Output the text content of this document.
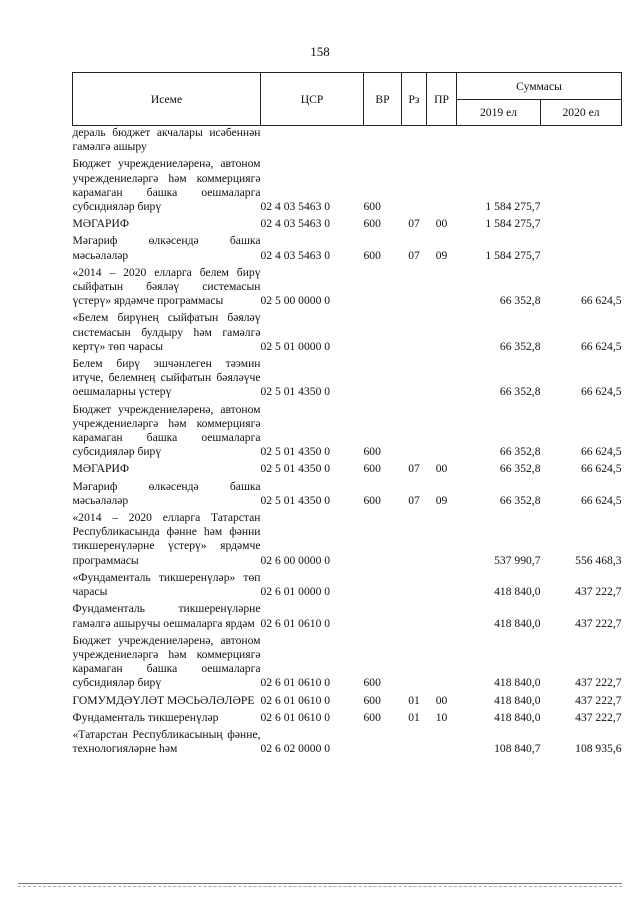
158
Исеме	ЦСР	ВР	Рз	ПР	Суммасы	
					2019 ел	2020 ел
дераль бюджет акчалары исәбеннән гамәлгә ашыру						
Бюджет учреждениеләренә, автоном учреждениеләргә һәм коммерциягә карамаган башка оешмаларга субсидияләр бирү	02 4 03 5463 0	600			1 584 275,7	
МӘГАРИФ	02 4 03 5463 0	600	07	00	1 584 275,7	
Мәгариф өлкәсендә башка мәсьәләләр	02 4 03 5463 0	600	07	09	1 584 275,7	
«2014 – 2020 елларга белем бирү сыйфатын бәяләү системасын үстерү» ярдәмче программасы	02 5 00 0000 0				66 352,8	66 624,5
«Белем бирүнең сыйфатын бәяләү системасын булдыру һәм гамәлгә кертү» төп чарасы	02 5 01 0000 0				66 352,8	66 624,5
Белем бирү эшчәнлеген тәэмин итүче, белемнең сыйфатын бәяләүче оешмаларны үстерү	02 5 01 4350 0				66 352,8	66 624,5
Бюджет учреждениеләренә, автоном учреждениеләргә һәм коммерциягә карамаган башка оешмаларга субсидияләр бирү	02 5 01 4350 0	600			66 352,8	66 624,5
МӘГАРИФ	02 5 01 4350 0	600	07	00	66 352,8	66 624,5
Мәгариф өлкәсендә башка мәсьәләләр	02 5 01 4350 0	600	07	09	66 352,8	66 624,5
«2014 – 2020 елларга Татарстан Республикасында фәнне һәм фәнни тикшеренүләрне үстерү» ярдәмче программасы	02 6 00 0000 0				537 990,7	556 468,3
«Фундаменталь тикшеренүләр» төп чарасы	02 6 01 0000 0				418 840,0	437 222,7
Фундаменталь тикшеренүләрне гамәлгә ашыручы оешмаларга ярдәм	02 6 01 0610 0				418 840,0	437 222,7
Бюджет учреждениеләренә, автоном учреждениеләргә һәм коммерциягә карамаган башка оешмаларга субсидияләр бирү	02 6 01 0610 0	600			418 840,0	437 222,7
ГОМУМДӘҮЛӘТ МӘСЬӘЛӘЛӘРЕ	02 6 01 0610 0	600	01	00	418 840,0	437 222,7
Фундаменталь тикшеренүләр	02 6 01 0610 0	600	01	10	418 840,0	437 222,7
«Татарстан Республикасының фәнне, технологияләрне һәм	02 6 02 0000 0				108 840,7	108 935,6
